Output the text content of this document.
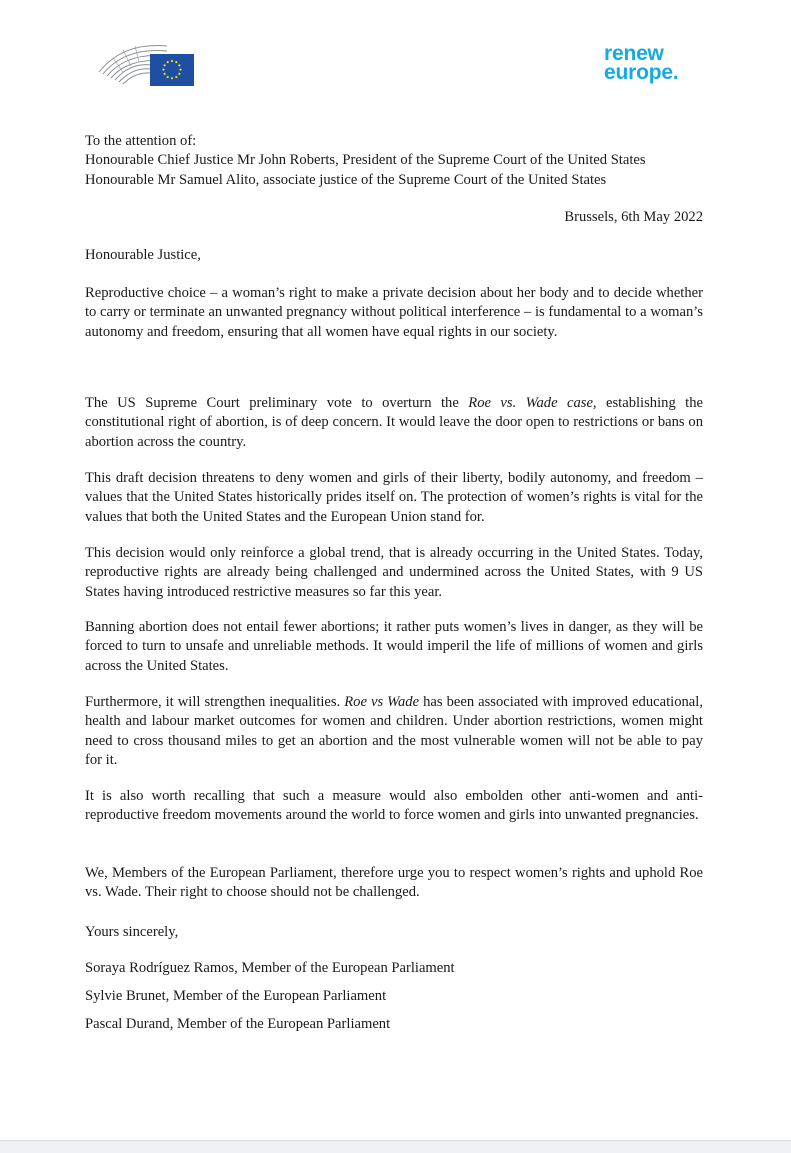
renew
europe.

To the attention of:

Honourable Chief Justice Mr John Roberts, President of the Supreme Court of the United States

Honourable Mr Samuel Alito, associate justice of the Supreme Court of the United States

Brussels, 6th May 2022
Honourable Justice,
Reproductive choice – a woman’s right to make a private decision about her body and to decide whether to carry or terminate an unwanted pregnancy without political interference – is fundamental to a woman’s autonomy and freedom, ensuring that all women have equal rights in our society.
The US Supreme Court preliminary vote to overturn the Roe vs. Wade case, establishing the constitutional right of abortion, is of deep concern. It would leave the door open to restrictions or bans on abortion across the country.
This draft decision threatens to deny women and girls of their liberty, bodily autonomy, and freedom – values that the United States historically prides itself on. The protection of women’s rights is vital for the values that both the United States and the European Union stand for.
This decision would only reinforce a global trend, that is already occurring in the United States. Today, reproductive rights are already being challenged and undermined across the United States, with 9 US States having introduced restrictive measures so far this year.
Banning abortion does not entail fewer abortions; it rather puts women’s lives in danger, as they will be forced to turn to unsafe and unreliable methods. It would imperil the life of millions of women and girls across the United States.
Furthermore, it will strengthen inequalities. Roe vs Wade has been associated with improved educational, health and labour market outcomes for women and children. Under abortion restrictions, women might need to cross thousand miles to get an abortion and the most vulnerable women will not be able to pay for it.
It is also worth recalling that such a measure would also embolden other anti-women and anti-reproductive freedom movements around the world to force women and girls into unwanted pregnancies.
We, Members of the European Parliament, therefore urge you to respect women’s rights and uphold Roe vs. Wade. Their right to choose should not be challenged.
Yours sincerely,
Soraya Rodríguez Ramos, Member of the European Parliament
Sylvie Brunet, Member of the European Parliament
Pascal Durand, Member of the European Parliament
